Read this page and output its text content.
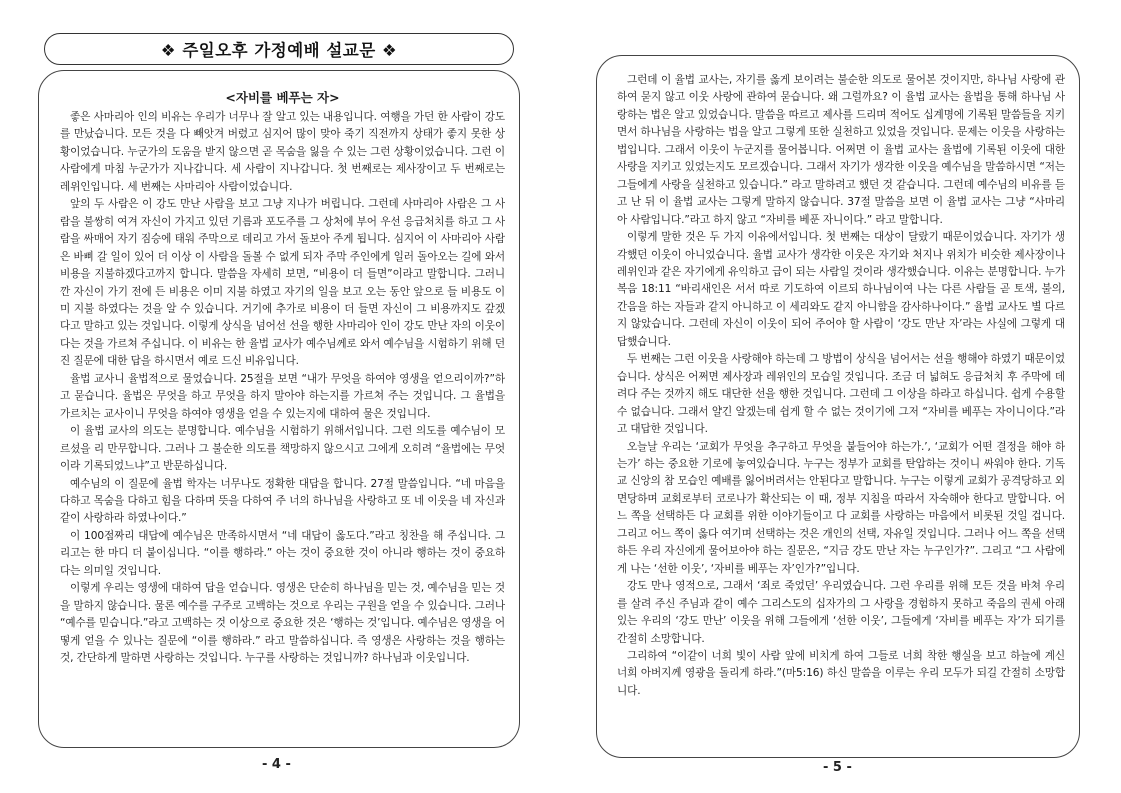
❖ 주일오후 가정예배 설교문 ❖
<자비를 베푸는 자>

좋은 사마리아 인의 비유는 우리가 너무나 잘 알고 있는 내용입니다. 여행을 가던 한 사람이 강도를 만났습니다. 모든 것을 다 빼앗겨 버렸고 심지어 많이 맞아 죽기 직전까지 상태가 좋지 못한 상황이었습니다. 누군가의 도움을 받지 않으면 곧 목숨을 잃을 수 있는 그런 상황이었습니다. 그런 이 사람에게 마침 누군가가 지나갑니다. 세 사람이 지나갑니다. 첫 번째로는 제사장이고 두 번째로는 레위인입니다. 세 번째는 사마리아 사람이었습니다.

앞의 두 사람은 이 강도 만난 사람을 보고 그냥 지나가 버립니다. 그런데 사마리아 사람은 그 사람을 불쌍히 여겨 자신이 가지고 있던 기름과 포도주를 그 상처에 부어 우선 응급처치를 하고 그 사람을 싸매어 자기 짐승에 태워 주막으로 데리고 가서 돌보아 주게 됩니다. 심지어 이 사마리아 사람은 바삐 갈 일이 있어 더 이상 이 사람을 돌볼 수 없게 되자 주막 주인에게 일러 돌아오는 길에 와서 비용을 지불하겠다고까지 합니다. 말씀을 자세히 보면, “비용이 더 들면”이라고 말합니다. 그러니깐 자신이 가기 전에 든 비용은 이미 지불 하였고 자기의 일을 보고 오는 동안 앞으로 들 비용도 이미 지불 하였다는 것을 알 수 있습니다. 거기에 추가로 비용이 더 들면 자신이 그 비용까지도 갚겠다고 말하고 있는 것입니다. 이렇게 상식을 넘어선 선을 행한 사마리아 인이 강도 만난 자의 이웃이다는 것을 가르쳐 주십니다. 이 비유는 한 율법 교사가 예수님께로 와서 예수님을 시험하기 위해 던진 질문에 대한 답을 하시면서 예로 드신 비유입니다.

율법 교사니 율법적으로 물었습니다. 25절을 보면 “내가 무엇을 하여야 영생을 얻으리이까?”하고 묻습니다. 율법은 무엇을 하고 무엇을 하지 말아야 하는지를 가르쳐 주는 것입니다. 그 율법을 가르치는 교사이니 무엇을 하여야 영생을 얻을 수 있는지에 대하여 물은 것입니다.

이 율법 교사의 의도는 분명합니다. 예수님을 시험하기 위해서입니다. 그런 의도를 예수님이 모르셨을 리 만무합니다. 그러나 그 불순한 의도를 책망하지 않으시고 그에게 오히려 “율법에는 무엇이라 기록되었느냐”고 반문하십니다.

예수님의 이 질문에 율법 학자는 너무나도 정확한 대답을 합니다. 27절 말씀입니다. “네 마음을 다하고 목숨을 다하고 힘을 다하며 뜻을 다하여 주 너의 하나님을 사랑하고 또 네 이웃을 네 자신과 같이 사랑하라 하였나이다.”

이 100점짜리 대답에 예수님은 만족하시면서 “네 대답이 옳도다.”라고 칭찬을 해 주십니다. 그리고는 한 마디 더 붙이십니다. “이를 행하라.” 아는 것이 중요한 것이 아니라 행하는 것이 중요하다는 의미일 것입니다.

이렇게 우리는 영생에 대하여 답을 얻습니다. 영생은 단순히 하나님을 믿는 것, 예수님을 믿는 것을 말하지 않습니다. 물론 예수를 구주로 고백하는 것으로 우리는 구원을 얻을 수 있습니다. 그러나 “예수를 믿습니다.”라고 고백하는 것 이상으로 중요한 것은 ‘행하는 것’입니다. 예수님은 영생을 어떻게 얻을 수 있나는 질문에 “이를 행하라.” 라고 말씀하십니다. 즉 영생은 사랑하는 것을 행하는 것, 간단하게 말하면 사랑하는 것입니다. 누구를 사랑하는 것입니까? 하나님과 이웃입니다.

그런데 이 율법 교사는, 자기를 옳게 보이려는 불순한 의도로 물어본 것이지만, 하나님 사랑에 관하여 묻지 않고 이웃 사랑에 관하여 묻습니다. 왜 그럴까요? 이 율법 교사는 율법을 통해 하나님 사랑하는 법은 알고 있었습니다. 말씀을 따르고 제사를 드리며 적어도 십계명에 기록된 말씀들을 지키면서 하나님을 사랑하는 법을 알고 그렇게 또한 실천하고 있었을 것입니다. 문제는 이웃을 사랑하는 법입니다. 그래서 이웃이 누군지를 물어봅니다. 어쩌면 이 율법 교사는 율법에 기록된 이웃에 대한 사랑을 지키고 있었는지도 모르겠습니다. 그래서 자기가 생각한 이웃을 예수님을 말씀하시면 “저는 그들에게 사랑을 실천하고 있습니다.” 라고 말하려고 했던 것 같습니다. 그런데 예수님의 비유를 듣고 난 뒤 이 율법 교사는 그렇게 말하지 않습니다. 37절 말씀을 보면 이 율법 교사는 그냥 “사마리아 사람입니다.”라고 하지 않고 “자비를 베푼 자니이다.” 라고 말합니다.

이렇게 말한 것은 두 가지 이유에서입니다. 첫 번째는 대상이 달랐기 때문이었습니다. 자기가 생각했던 이웃이 아니었습니다. 율법 교사가 생각한 이웃은 자기와 처지나 위치가 비슷한 제사장이나 레위인과 같은 자기에게 유익하고 급이 되는 사람일 것이라 생각했습니다. 이유는 분명합니다. 누가복음 18:11 “바리새인은 서서 따로 기도하여 이르되 하나님이여 나는 다른 사람들 곧 토색, 불의, 간음을 하는 자들과 같지 아니하고 이 세리와도 같지 아니함을 감사하나이다.” 율법 교사도 별 다르지 않았습니다. 그런데 자신이 이웃이 되어 주어야 할 사람이 ‘강도 만난 자’라는 사실에 그렇게 대답했습니다.

두 번째는 그런 이웃을 사랑해야 하는데 그 방법이 상식을 넘어서는 선을 행해야 하였기 때문이었습니다. 상식은 어쩌면 제사장과 레위인의 모습일 것입니다. 조금 더 넓혀도 응급처치 후 주막에 데려다 주는 것까지 해도 대단한 선을 행한 것입니다. 그런데 그 이상을 하라고 하십니다. 쉽게 수용할 수 없습니다. 그래서 얄긴 알겠는데 쉽게 할 수 없는 것이기에 그저 “자비를 베푸는 자이니이다.”라고 대답한 것입니다.

오늘날 우리는 ‘교회가 무엇을 추구하고 무엇을 붙들어야 하는가.’, ‘교회가 어떤 결정을 해야 하는가’ 하는 중요한 기로에 놓여있습니다. 누구는 정부가 교회를 탄압하는 것이니 싸워야 한다. 기독교 신앙의 참 모습인 예배를 잃어버려서는 안된다고 말합니다. 누구는 이렇게 교회가 공격당하고 외면당하며 교회로부터 코로나가 확산되는 이 때, 정부 지침을 따라서 자숙해야 한다고 말합니다. 어느 쪽을 선택하든 다 교회를 위한 이야기들이고 다 교회를 사랑하는 마음에서 비롯된 것일 겁니다. 그리고 어느 쪽이 옳다 여기며 선택하는 것은 개인의 선택, 자유일 것입니다. 그러나 어느 쪽을 선택하든 우리 자신에게 물어보아야 하는 질문은, “지금 강도 만난 자는 누구인가?”. 그리고 “그 사람에게 나는 ‘선한 이웃’, ‘자비를 베푸는 자’인가?”입니다.

강도 만나 영적으로, 그래서 ‘죄로 죽었던’ 우리였습니다. 그런 우리를 위해 모든 것을 바쳐 우리를 살려 주신 주님과 같이 예수 그리스도의 십자가의 그 사랑을 경험하지 못하고 죽음의 권세 아래 있는 우리의 ‘강도 만난’ 이웃을 위해 그들에게 ‘선한 이웃’, 그들에게 ‘자비를 베푸는 자’가 되기를 간절히 소망합니다.

그리하여 “이같이 너희 빛이 사람 앞에 비치게 하여 그들로 너희 착한 행실을 보고 하늘에 계신 너희 아버지께 영광을 돌리게 하라.”(마5:16) 하신 말씀을 이루는 우리 모두가 되길 간절히 소망합니다.

- 4 -	- 5 -
